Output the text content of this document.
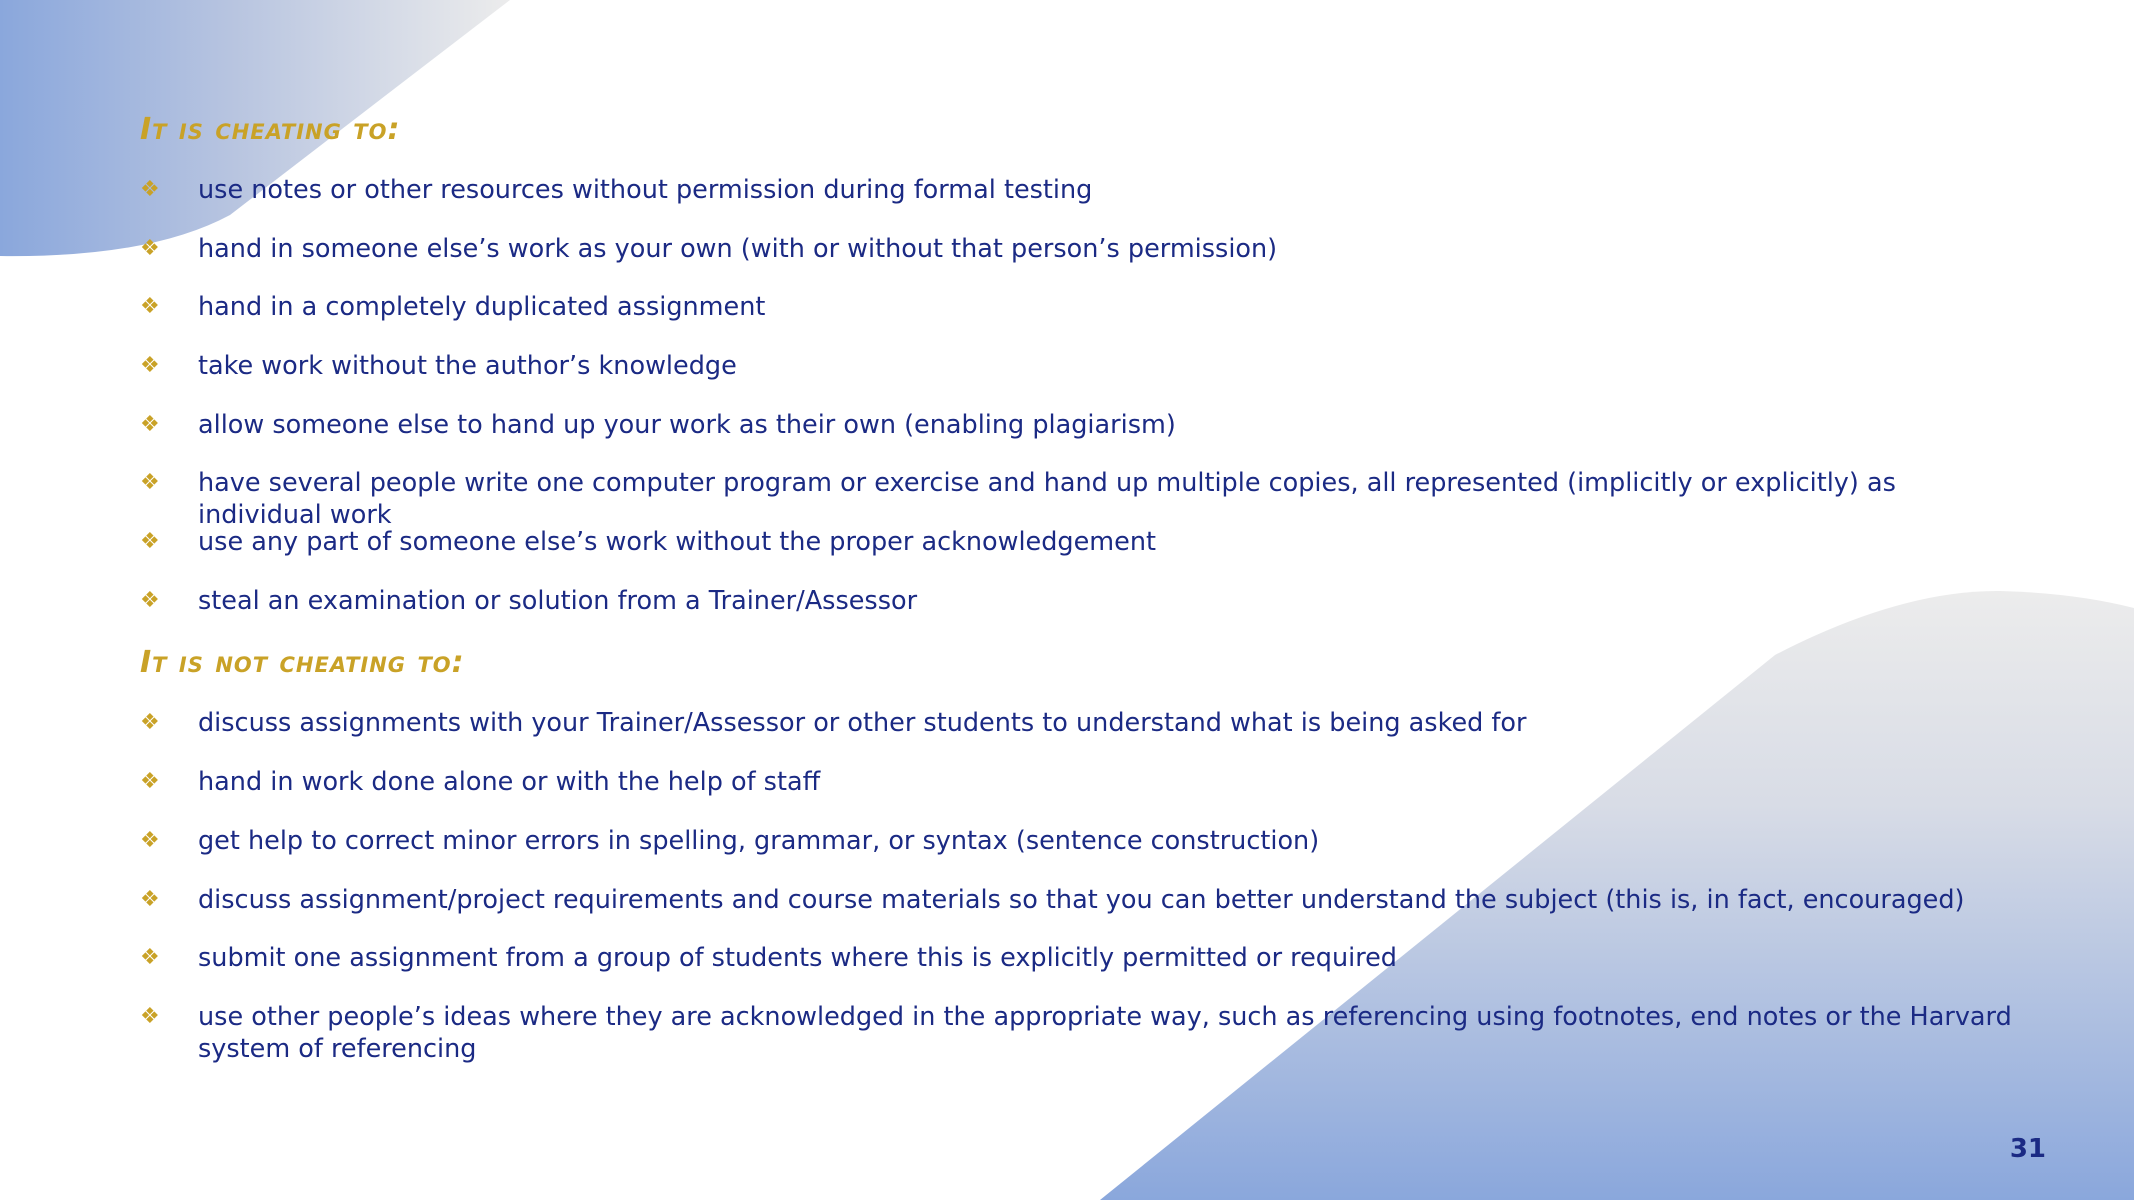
It is cheating to:
❖	use notes or other resources without permission during formal testing
❖	hand in someone else’s work as your own (with or without that person’s permission)
❖	hand in a completely duplicated assignment
❖	take work without the author’s knowledge
❖	allow someone else to hand up your work as their own (enabling plagiarism)
❖	have several people write one computer program or exercise and hand up multiple copies, all represented (implicitly or explicitly) as individual work
❖	use any part of someone else’s work without the proper acknowledgement
❖	steal an examination or solution from a Trainer/Assessor
It is not cheating to:
❖	discuss assignments with your Trainer/Assessor or other students to understand what is being asked for
❖	hand in work done alone or with the help of staff
❖	get help to correct minor errors in spelling, grammar, or syntax (sentence construction)
❖	discuss assignment/project requirements and course materials so that you can better understand the subject (this is, in fact, encouraged)
❖	submit one assignment from a group of students where this is explicitly permitted or required
❖	use other people’s ideas where they are acknowledged in the appropriate way, such as referencing using footnotes, end notes or the Harvard system of referencing
31
